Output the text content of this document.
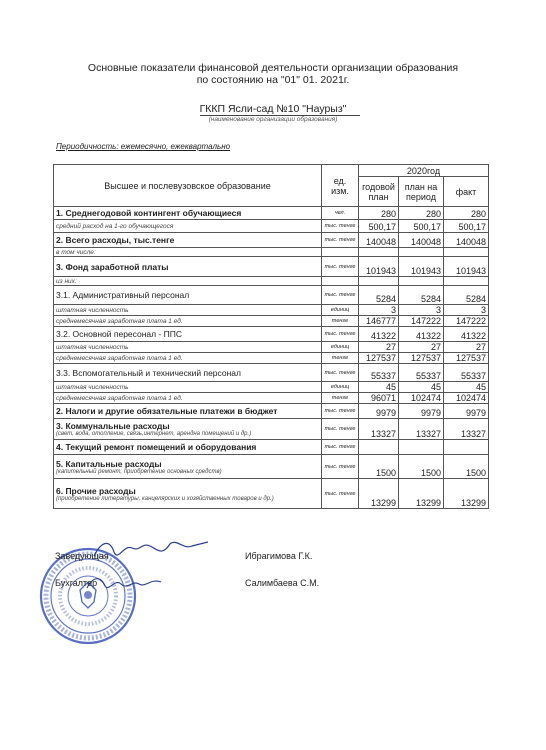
Основные показатели финансовой деятельности организации образования
по состоянию на "01" 01. 2021г.
ГККП Ясли-сад №10 "Наурыз"
(наименование организации образования)
Периодичность: ежемесячно, ежеквартально
Высшее и послевузовское образование	ед. изм.	2020год		
		годовой план	план на период	факт
1. Среднегодовой контингент обучающиеся	чел.	280	280	280
средний расход на 1-го обучающегося	тыс. тенге	500,17	500,17	500,17
2. Всего расходы, тыс.тенге	тыс. тенге	140048	140048	140048
в том числе:				
3. Фонд заработной платы	тыс. тенге	101943	101943	101943
из них:				
3.1. Административный персонал	тыс. тенге	5284	5284	5284
штатная численность	единиц	3	3	3
среднемесячная заработная плата 1 ед.	тенге	146777	147222	147222
3.2. Основной пересонал - ППС	тыс. тенге	41322	41322	41322
штатная численность	единиц	27	27	27
среднемесячная заработная плата 1 ед.	тенге	127537	127537	127537
3.3. Вспомогательный и технический персонал	тыс. тенге	55337	55337	55337
штатная численность	единиц	45	45	45
среднемесячная заработная плата 1 ед.	тенге	96071	102474	102474
2. Налоги и другие обязательные платежи в бюджет	тыс. тенге	9979	9979	9979
3. Коммунальные расходы
(свет, вода, отопление, связь,интернет, арендна помещений и др.)	тыс. тенге	13327	13327	13327
4. Текущий ремонт помещений и оборудования	тыс. тенге			
5. Капитальные расходы
(капительный ремонт, приобретение основных средств)	тыс. тенге	1500	1500	1500
6. Прочие расходы
(приобретение литературы, канцелярских и хозяйственных товаров и др.)	тыс. тенге	13299	13299	13299
Заведующая	Ибрагимова Г.К.
Бухгалтер	Салимбаева С.М.
